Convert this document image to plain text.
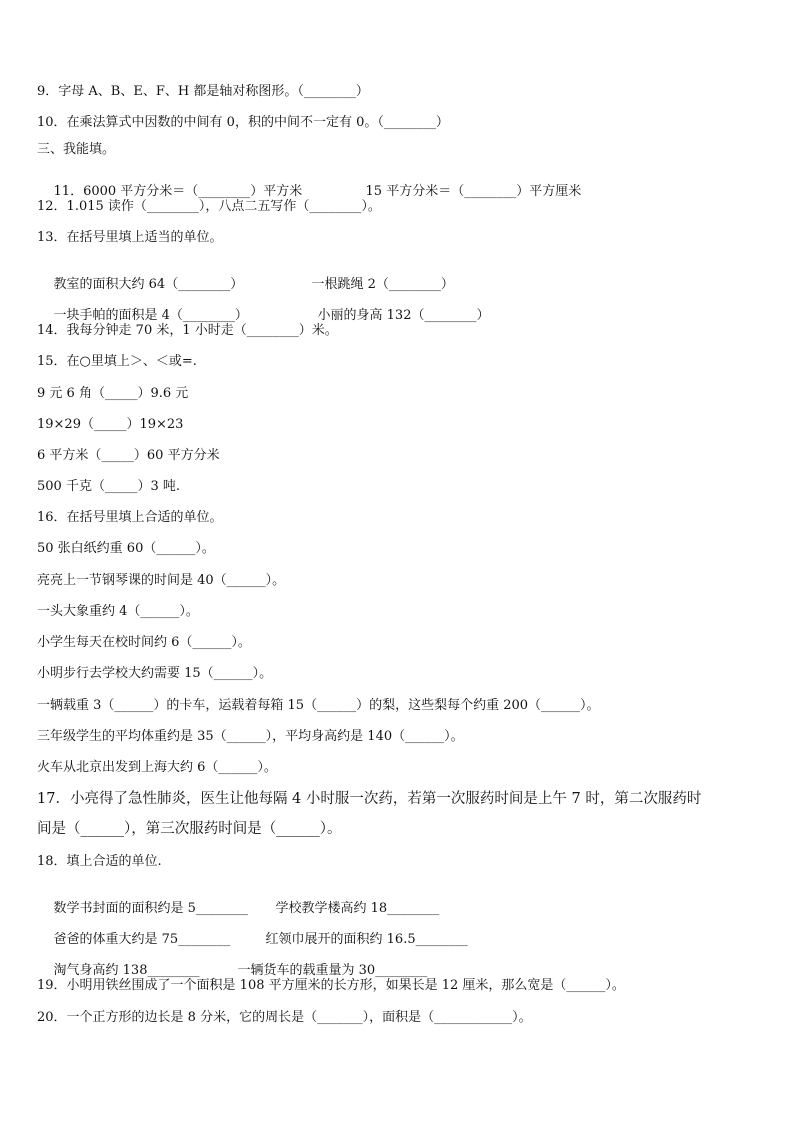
9．字母 A、B、E、F、H 都是轴对称图形。（________）
10．在乘法算式中因数的中间有 0，积的中间不一定有 0。（________）
三、我能填。

11．6000 平方分米＝（________）平方米	15 平方分米＝（________）平方厘米

12．1.015 读作（________），八点二五写作（________）。
13．在括号里填上适当的单位。

教室的面积大约 64（________）	一根跳绳 2（________）

一块手帕的面积是 4（________）	小丽的身高 132（________）

14．我每分钟走 70 米，1 小时走（________）米。
15．在○里填上＞、＜或=.
9 元 6 角（_____）9.6 元
19×29（_____）19×23
6 平方米（_____）60 平方分米
500 千克（_____）3 吨.
16．在括号里填上合适的单位。
50 张白纸约重 60（______）。
亮亮上一节钢琴课的时间是 40（______）。
一头大象重约 4（______）。
小学生每天在校时间约 6（______）。
小明步行去学校大约需要 15（______）。
一辆载重 3（______）的卡车，运载着每箱 15（______）的梨，这些梨每个约重 200（______）。
三年级学生的平均体重约是 35（______），平均身高约是 140（______）。
火车从北京出发到上海大约 6（______）。
17．小亮得了急性肺炎，医生让他每隔 4 小时服一次药，若第一次服药时间是上午 7 时，第二次服药时
间是（______），第三次服药时间是（______）。
18．填上合适的单位.

数学书封面的面积约是 5________ 学校教学楼高约 18________

爸爸的体重大约是 75________	红领巾展开的面积约 16.5________

淘气身高约 138________	一辆货车的载重量为 30________

19．小明用铁丝围成了一个面积是 108 平方厘米的长方形，如果长是 12 厘米，那么宽是（______）。
20．一个正方形的边长是 8 分米，它的周长是（_______），面积是（____________）。
